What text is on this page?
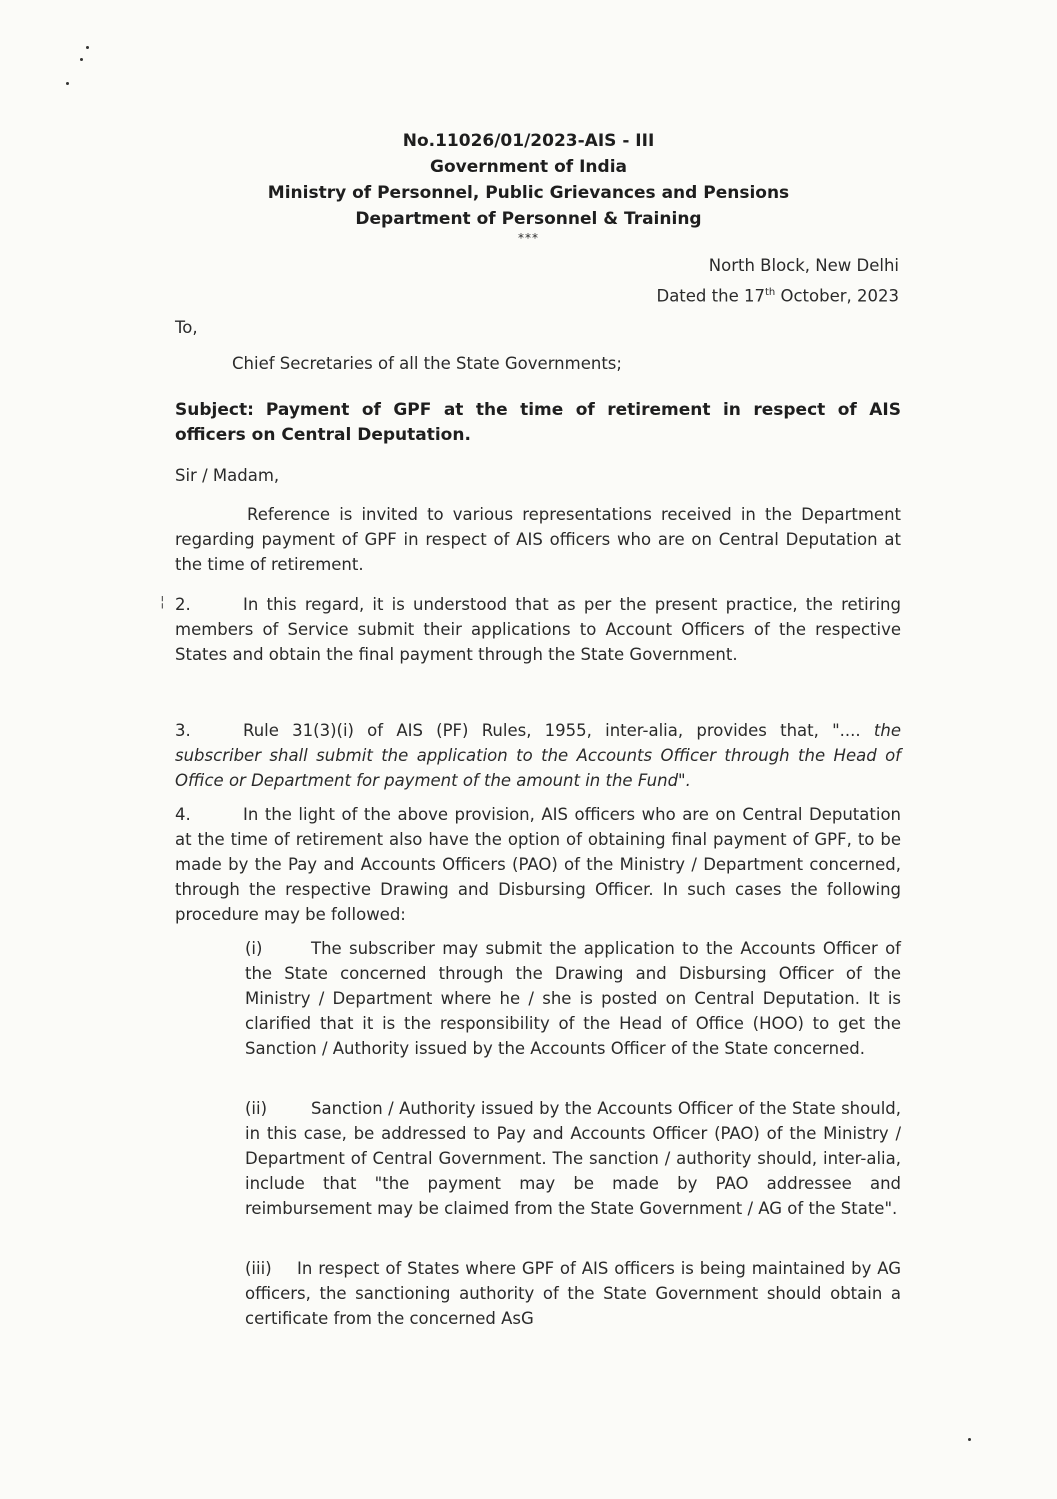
No.11026/01/2023-AIS - III
Government of India
Ministry of Personnel, Public Grievances and Pensions
Department of Personnel & Training
***
North Block, New Delhi
Dated the 17th October, 2023
To,
Chief Secretaries of all the State Governments;
Subject: Payment of GPF at the time of retirement in respect of AIS officers on Central Deputation.
Sir / Madam,
Reference is invited to various representations received in the Department regarding payment of GPF in respect of AIS officers who are on Central Deputation at the time of retirement.
¦ 2.	In this regard, it is understood that as per the present practice, the retiring members of Service submit their applications to Account Officers of the respective States and obtain the final payment through the State Government.
3.	Rule 31(3)(i) of AIS (PF) Rules, 1955, inter-alia, provides that, ".... the subscriber shall submit the application to the Accounts Officer through the Head of Office or Department for payment of the amount in the Fund".
4.	In the light of the above provision, AIS officers who are on Central Deputation at the time of retirement also have the option of obtaining final payment of GPF, to be made by the Pay and Accounts Officers (PAO) of the Ministry / Department concerned, through the respective Drawing and Disbursing Officer. In such cases the following procedure may be followed:
(i)	The subscriber may submit the application to the Accounts Officer of the State concerned through the Drawing and Disbursing Officer of the Ministry / Department where he / she is posted on Central Deputation. It is clarified that it is the responsibility of the Head of Office (HOO) to get the Sanction / Authority issued by the Accounts Officer of the State concerned.
(ii)	Sanction / Authority issued by the Accounts Officer of the State should, in this case, be addressed to Pay and Accounts Officer (PAO) of the Ministry / Department of Central Government. The sanction / authority should, inter-alia, include that "the payment may be made by PAO addressee and reimbursement may be claimed from the State Government / AG of the State".
(iii) In respect of States where GPF of AIS officers is being maintained by AG officers, the sanctioning authority of the State Government should obtain a certificate from the concerned AsG
